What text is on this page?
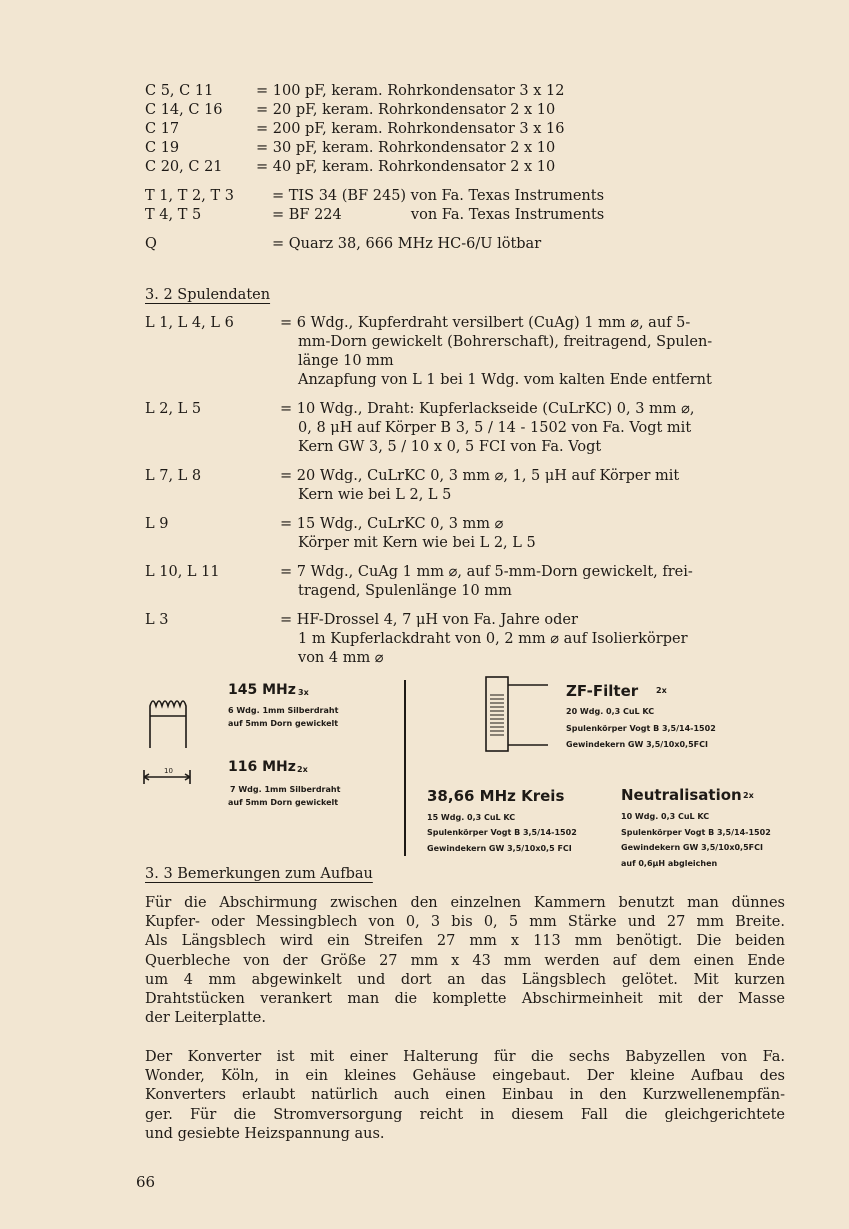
C 5, C 11	= 100 pF, keram. Rohrkondensator 3 x 12
C 14, C 16 = 20 pF, keram. Rohrkondensator 2 x 10
C 17	= 200 pF, keram. Rohrkondensator 3 x 16
C 19	= 30 pF, keram. Rohrkondensator 2 x 10
C 20, C 21 = 40 pF, keram. Rohrkondensator 2 x 10
T 1, T 2, T 3	= TIS 34 (BF 245) von Fa. Texas Instruments
T 4, T 5	= BF 224               von Fa. Texas Instruments
Q	= Quarz 38, 666 MHz HC-6/U lötbar
3. 2 Spulendaten
L 1, L 4, L 6	= 6 Wdg., Kupferdraht versilbert (CuAg) 1 mm ⌀, auf 5-
mm-Dorn gewickelt (Bohrerschaft), freitragend, Spulen-
länge 10 mm
Anzapfung von L 1 bei 1 Wdg. vom kalten Ende entfernt
L 2, L 5	= 10 Wdg., Draht: Kupferlackseide (CuLrKC) 0, 3 mm ⌀,
0, 8 μH auf Körper B 3, 5 / 14 - 1502 von Fa. Vogt mit
Kern GW 3, 5 / 10 x 0, 5 FCI von Fa. Vogt
L 7, L 8	= 20 Wdg., CuLrKC 0, 3 mm ⌀, 1, 5 μH auf Körper mit
Kern wie bei L 2, L 5
L 9	= 15 Wdg., CuLrKC 0, 3 mm ⌀
Körper mit Kern wie bei L 2, L 5
L 10, L 11	= 7 Wdg., CuAg 1 mm ⌀, auf 5-mm-Dorn gewickelt, frei-
tragend, Spulenlänge 10 mm
L 3	= HF-Drossel 4, 7 μH von Fa. Jahre oder
1 m Kupferlackdraht von 0, 2 mm ⌀ auf Isolierkörper
von 4 mm ⌀
10
145 MHz 3x
6 Wdg. 1mm Silberdraht
auf 5mm Dorn gewickelt
116 MHz 2x
7 Wdg. 1mm Silberdraht
auf 5mm Dorn gewickelt
ZF-Filter 2x
20 Wdg. 0,3 CuL KC
Spulenkörper Vogt B 3,5/14-1502
Gewindekern GW 3,5/10x0,5FCI
38,66 MHz Kreis
15 Wdg. 0,3 CuL KC
Spulenkörper Vogt B 3,5/14-1502
Gewindekern GW 3,5/10x0,5 FCI
Neutralisation 2x
10 Wdg. 0,3 CuL KC
Spulenkörper Vogt B 3,5/14-1502
Gewindekern GW 3,5/10x0,5FCI
auf 0,6μH abgleichen
3. 3 Bemerkungen zum Aufbau
Für die Abschirmung zwischen den einzelnen Kammern benutzt man dünnes
Kupfer- oder Messingblech von 0, 3 bis 0, 5 mm Stärke und 27 mm Breite.
Als Längsblech wird ein Streifen 27 mm x 113 mm benötigt. Die beiden
Querbleche von der Größe 27 mm x 43 mm werden auf dem einen Ende
um 4 mm abgewinkelt und dort an das Längsblech gelötet. Mit kurzen
Drahtstücken verankert man die komplette Abschirmeinheit mit der Masse
der Leiterplatte.
Der Konverter ist mit einer Halterung für die sechs Babyzellen von Fa.
Wonder, Köln, in ein kleines Gehäuse eingebaut. Der kleine Aufbau des
Konverters erlaubt natürlich auch einen Einbau in den Kurzwellenempfän-
ger. Für die Stromversorgung reicht in diesem Fall die gleichgerichtete
und gesiebte Heizspannung aus.
66
